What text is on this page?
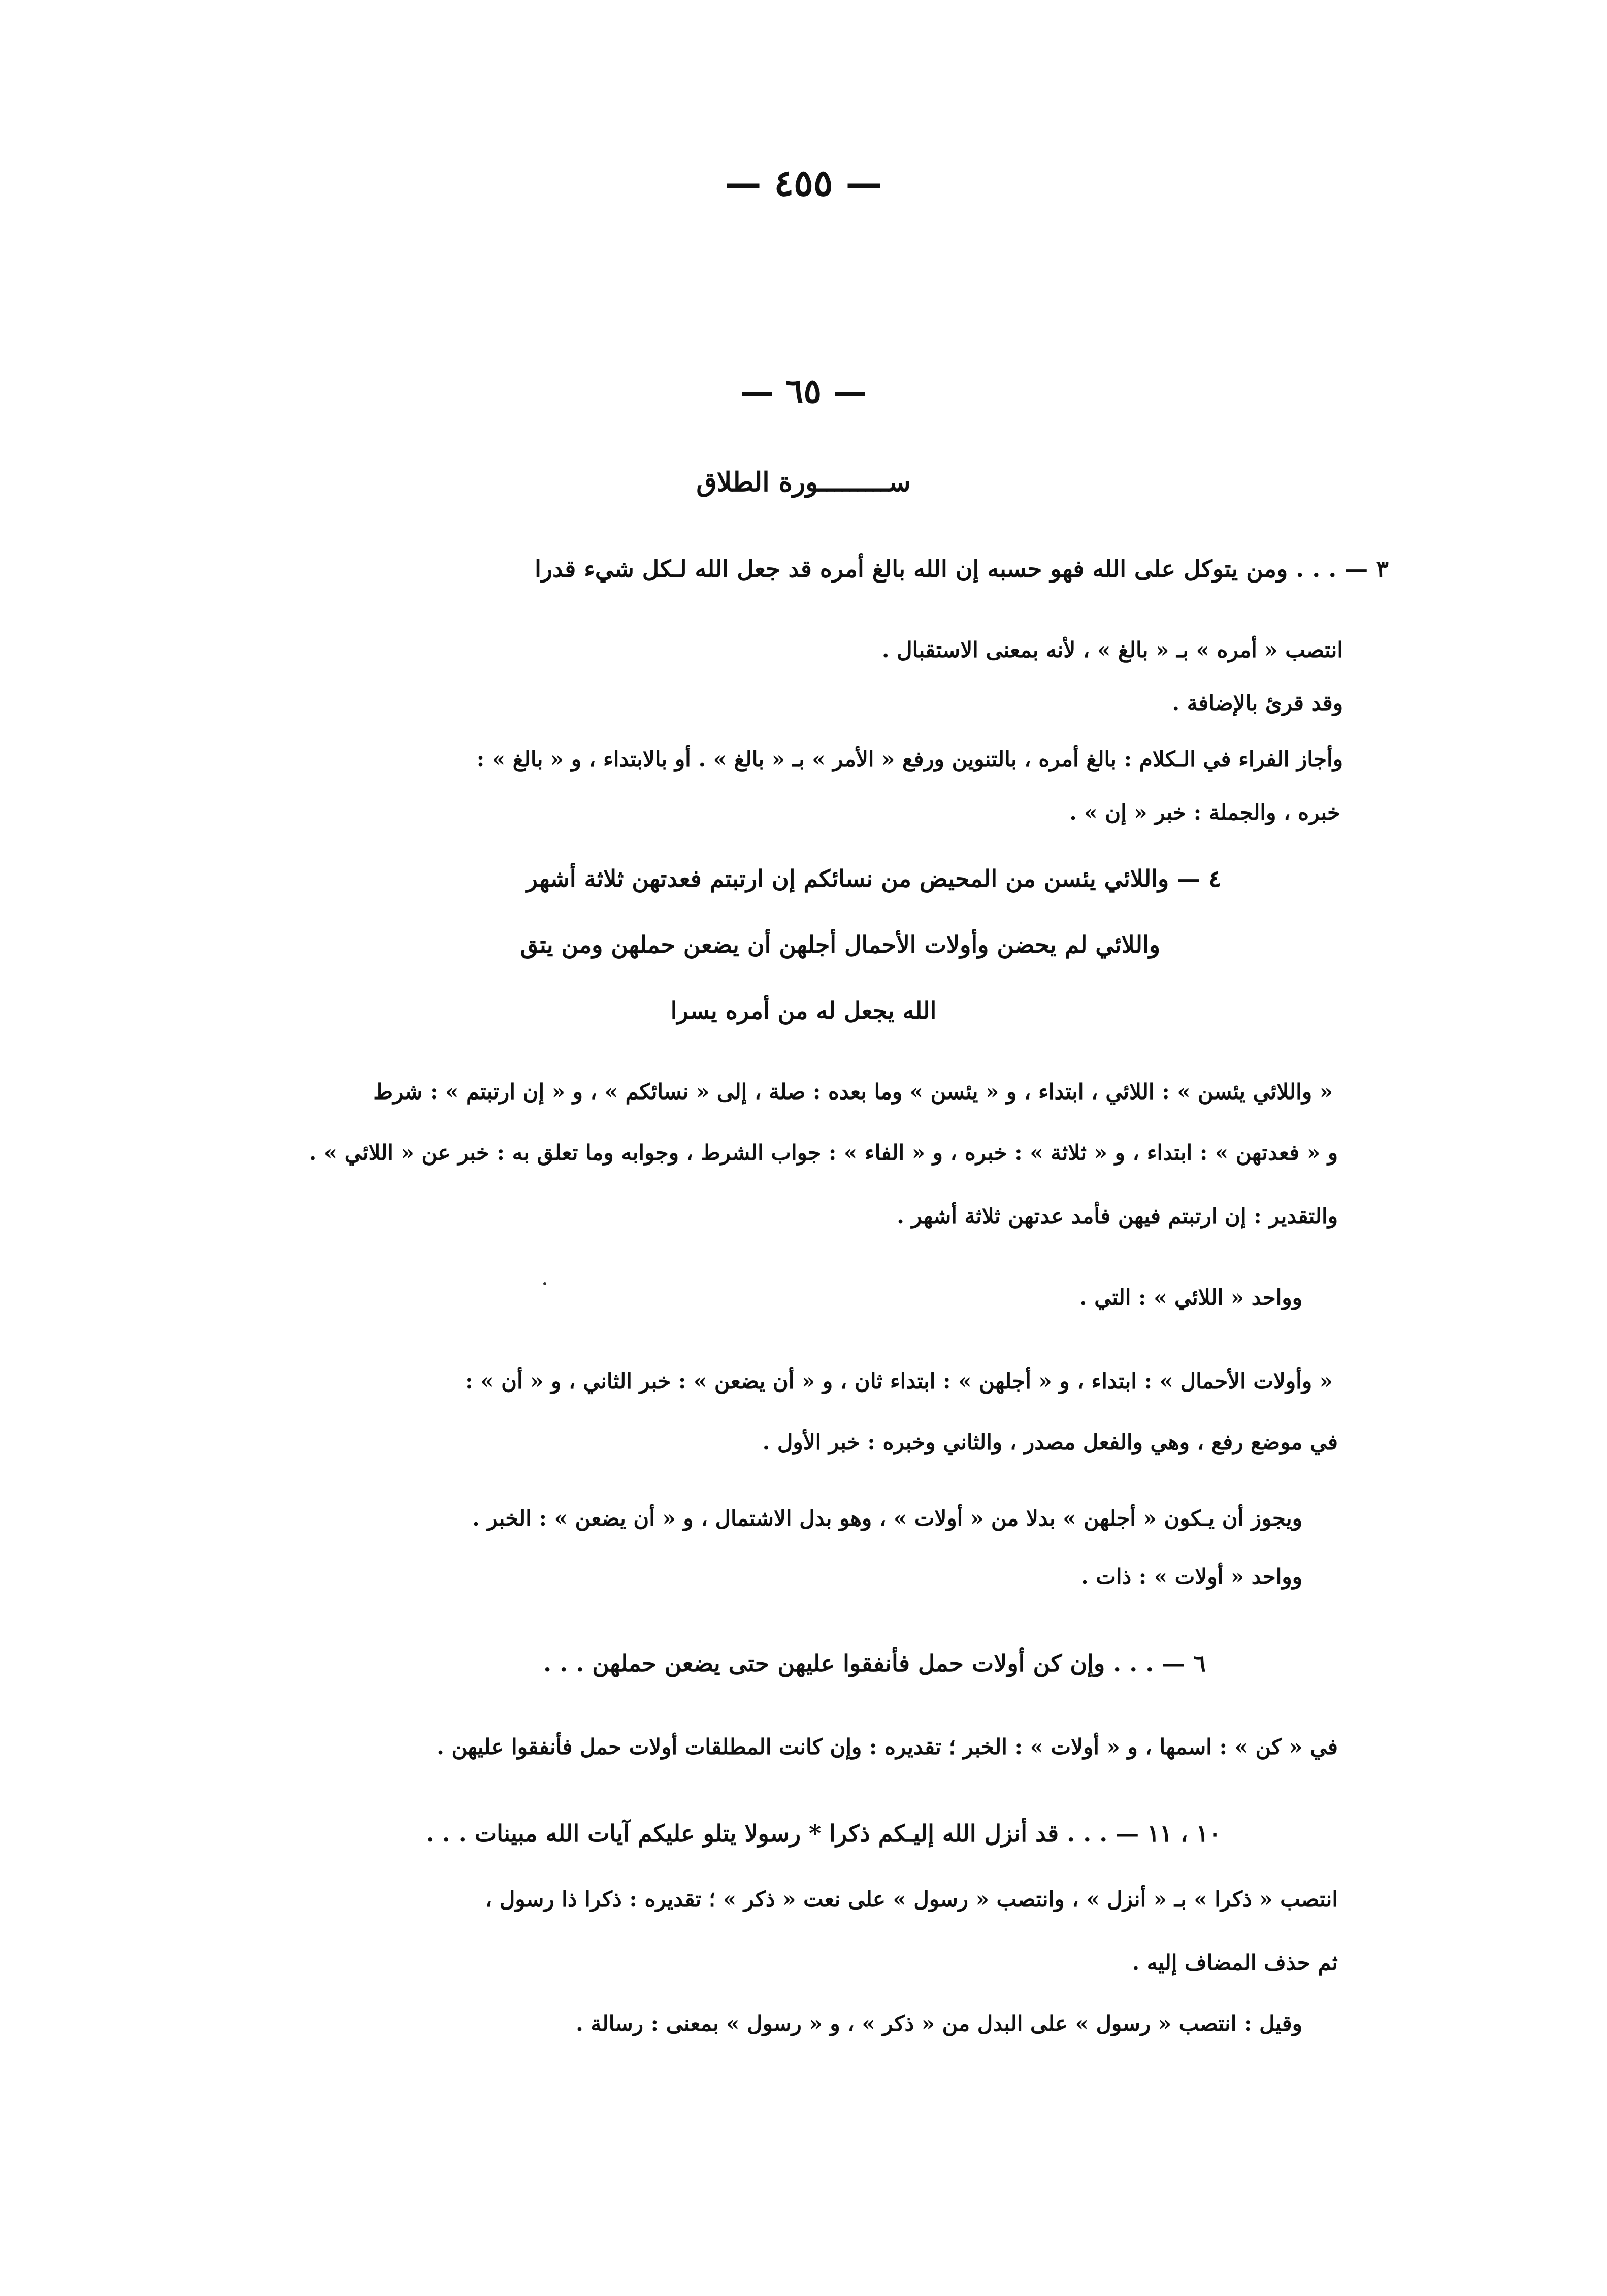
— ٤٥٥ —
— ٦٥ —
ســـــــــورة الطلاق
٣ — . . . ومن يتوكل على الله فهو حسبه إن الله بالغ أمره قد جعل الله لـكل شيء قدرا
انتصب « أمره » بـ « بالغ » ، لأنه بمعنى الاستقبال .
وقد قرئ بالإضافة .
وأجاز الفراء في الـكلام : بالغ أمره ، بالتنوين ورفع « الأمر » بـ « بالغ » . أو بالابتداء ، و « بالغ » :
خبره ، والجملة : خبر « إن » .
٤ — واللائي يئسن من المحيض من نسائكم إن ارتبتم فعدتهن ثلاثة أشهر
واللائي لم يحضن وأولات الأحمال أجلهن أن يضعن حملهن ومن يتق
الله يجعل له من أمره يسرا
« واللائي يئسن » : اللائي ، ابتداء ، و « يئسن » وما بعده : صلة ، إلى « نسائكم » ، و « إن ارتبتم » : شرط
و « فعدتهن » : ابتداء ، و « ثلاثة » : خبره ، و « الفاء » : جواب الشرط ، وجوابه وما تعلق به : خبر عن « اللائي » .
والتقدير : إن ارتبتم فيهن فأمد عدتهن ثلاثة أشهر .
وواحد « اللائي » : التي .
« وأولات الأحمال » : ابتداء ، و « أجلهن » : ابتداء ثان ، و « أن يضعن » : خبر الثاني ، و « أن » :
في موضع رفع ، وهي والفعل مصدر ، والثاني وخبره : خبر الأول .
ويجوز أن يـكون « أجلهن » بدلا من « أولات » ، وهو بدل الاشتمال ، و « أن يضعن » : الخبر .
وواحد « أولات » : ذات .
٦ — . . . وإن كن أولات حمل فأنفقوا عليهن حتى يضعن حملهن . . .
في « كن » : اسمها ، و « أولات » : الخبر ؛ تقديره : وإن كانت المطلقات أولات حمل فأنفقوا عليهن .
١٠ ، ١١ — . . . قد أنزل الله إليـكم ذكرا * رسولا يتلو عليكم آيات الله مبينات . . .
انتصب « ذكرا » بـ « أنزل » ، وانتصب « رسول » على نعت « ذكر » ؛ تقديره : ذكرا ذا رسول ،
ثم حذف المضاف إليه .
وقيل : انتصب « رسول » على البدل من « ذكر » ، و « رسول » بمعنى : رسالة .
